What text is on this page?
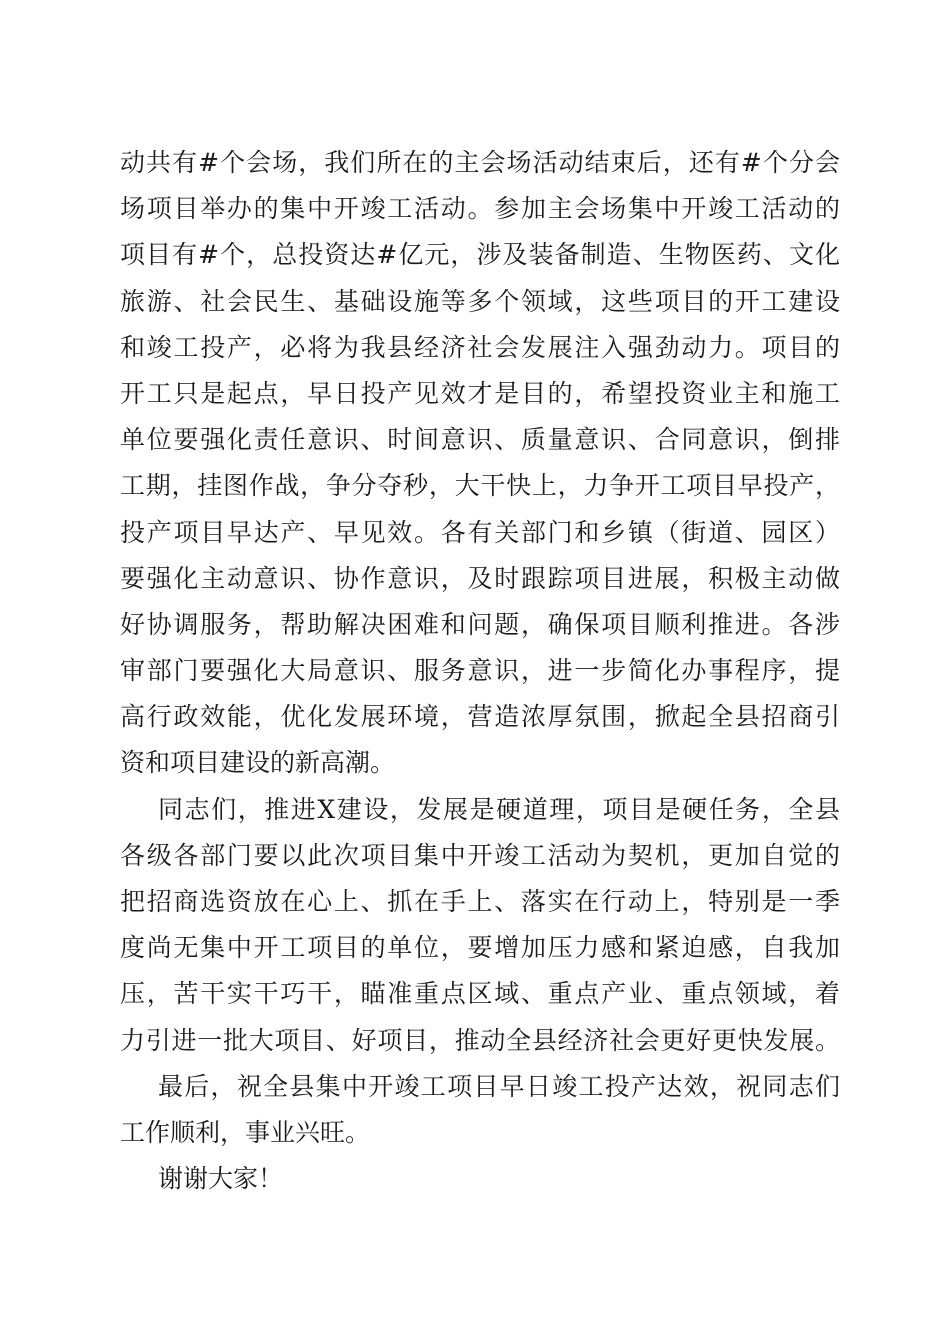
动共有#个会场，我们所在的主会场活动结束后，还有#个分会
场项目举办的集中开竣工活动。参加主会场集中开竣工活动的
项目有#个，总投资达#亿元，涉及装备制造、生物医药、文化
旅游、社会民生、基础设施等多个领域，这些项目的开工建设
和竣工投产，必将为我县经济社会发展注入强劲动力。项目的
开工只是起点，早日投产见效才是目的，希望投资业主和施工
单位要强化责任意识、时间意识、质量意识、合同意识，倒排
工期，挂图作战，争分夺秒，大干快上，力争开工项目早投产，
投产项目早达产、早见效。各有关部门和乡镇（街道、园区）
要强化主动意识、协作意识，及时跟踪项目进展，积极主动做
好协调服务，帮助解决困难和问题，确保项目顺利推进。各涉
审部门要强化大局意识、服务意识，进一步简化办事程序，提
高行政效能，优化发展环境，营造浓厚氛围，掀起全县招商引
资和项目建设的新高潮。
同志们，推进X建设，发展是硬道理，项目是硬任务，全县
各级各部门要以此次项目集中开竣工活动为契机，更加自觉的
把招商选资放在心上、抓在手上、落实在行动上，特别是一季
度尚无集中开工项目的单位，要增加压力感和紧迫感，自我加
压，苦干实干巧干，瞄准重点区域、重点产业、重点领域，着
力引进一批大项目、好项目，推动全县经济社会更好更快发展。
最后，祝全县集中开竣工项目早日竣工投产达效，祝同志们
工作顺利，事业兴旺。
谢谢大家！
